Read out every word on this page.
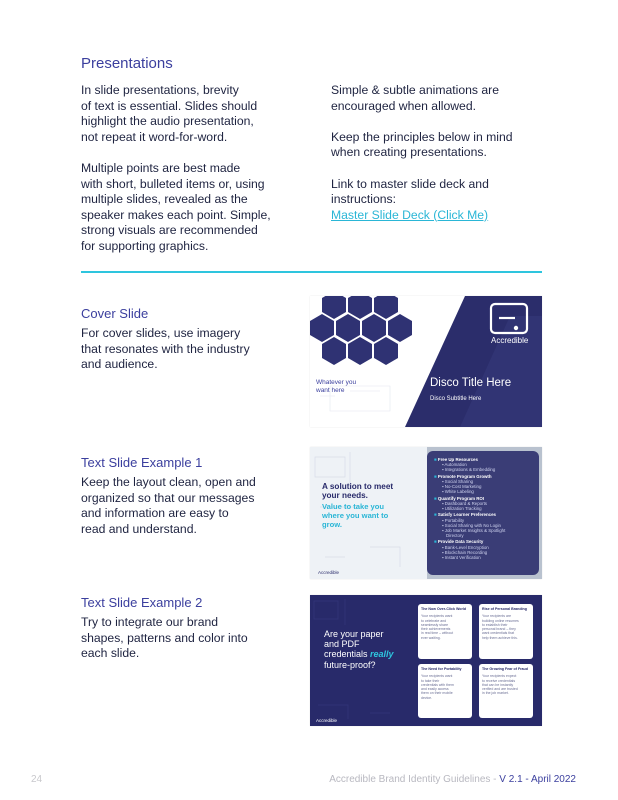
Presentations

In slide presentations, brevity
of text is essential. Slides should
highlight the audio presentation,
not repeat it word-for-word.

Multiple points are best made
with short, bulleted items or, using
multiple slides, revealed as the
speaker makes each point. Simple,
strong visuals are recommended
for supporting graphics.

Simple & subtle animations are
encouraged when allowed.

Keep the principles below in mind
when creating presentations.

Link to master slide deck and
instructions:
Master Slide Deck (Click Me)

Cover Slide
For cover slides, use imagery
that resonates with the industry
and audience.
Text Slide Example 1
Keep the layout clean, open and
organized so that our messages
and information are easy to
read and understand.
Text Slide Example 2
Try to integrate our brand
shapes, patterns and color into
each slide.
Accredible
Whatever you
want here
Disco Title Here
Disco Subtitle Here
A solution to meet
your needs.
Value to take you
where you want to
grow.
Accredible
■ Free Up Resources
▪ Automation
▪ Integrations & Embedding
■ Promote Program Growth
▪ Social Sharing
▪ No-Cost Marketing
▪ White Labeling
■ Quantify Program ROI
▪ Dashboard & Reports
▪ Utilization Tracking
■ Satisfy Learner Preferences
▪ Portability
▪ Social Sharing with No Login
▪ Job Market Insights & Spotlight
Directory
■ Provide Data Security
▪ Bank-Level Encryption
▪ Blockchain Recording
▪ Instant Verification
Are your paper
and PDF
credentials really
future-proof?
Accredible
The Now Over-Click World
Your recipients want
to celebrate and
seamlessly share
their achievements
in real time – without
ever waiting.
Rise of Personal Branding
Your recipients are
building online resumes
to establish their
personal brand – they
want credentials that
help them achieve this.
The Need for Portability
Your recipients want
to take their
credentials with them
and easily access
them on their mobile
device.
The Growing Fear of Fraud
Your recipients expect
to receive credentials
that can be instantly
verified and are trusted
in the job market.
24	Accredible Brand Identity Guidelines - V 2.1 - April 2022
